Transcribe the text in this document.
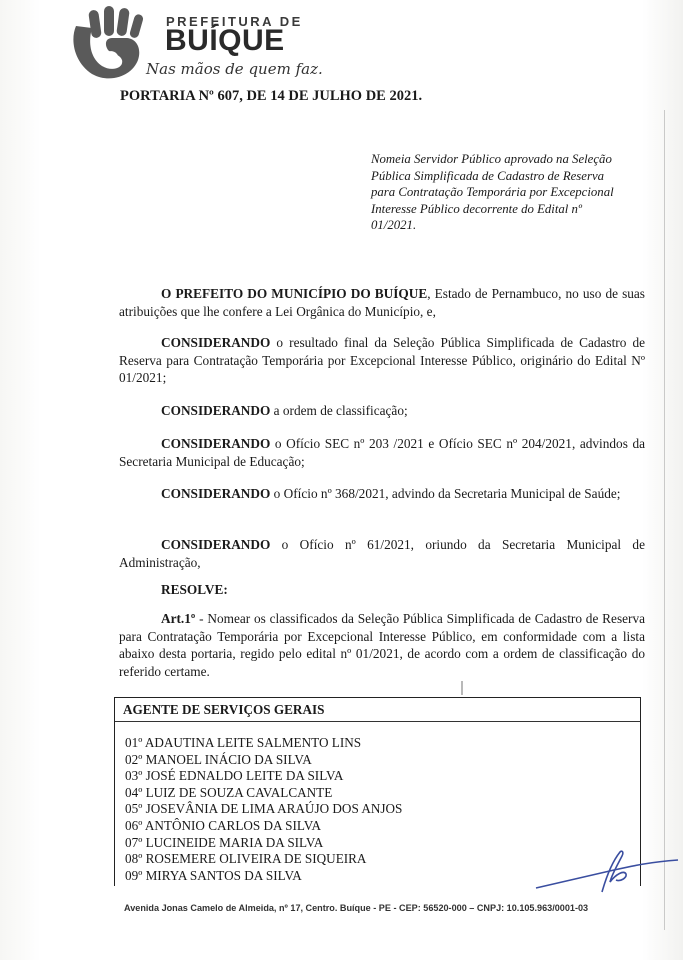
PREFEITURA DE
BUÍQUE
Nas mãos de quem faz.
PORTARIA Nº 607, DE 14 DE JULHO DE 2021.
Nomeia Servidor Público aprovado na Seleção
Pública Simplificada de Cadastro de Reserva
para Contratação Temporária por Excepcional
Interesse Público decorrente do Edital nº
01/2021.
O PREFEITO DO MUNICÍPIO DO BUÍQUE, Estado de Pernambuco, no uso de suas atribuições que lhe confere a Lei Orgânica do Município, e,
CONSIDERANDO o resultado final da Seleção Pública Simplificada de Cadastro de Reserva para Contratação Temporária por Excepcional Interesse Público, originário do Edital Nº 01/2021;
CONSIDERANDO a ordem de classificação;
CONSIDERANDO o Ofício SEC nº 203 /2021 e Ofício SEC nº 204/2021, advindos da Secretaria Municipal de Educação;
CONSIDERANDO o Ofício nº 368/2021, advindo da Secretaria Municipal de Saúde;
CONSIDERANDO o Ofício nº 61/2021, oriundo da Secretaria Municipal de Administração,
RESOLVE:
Art.1º - Nomear os classificados da Seleção Pública Simplificada de Cadastro de Reserva para Contratação Temporária por Excepcional Interesse Público, em conformidade com a lista abaixo desta portaria, regido pelo edital nº 01/2021, de acordo com a ordem de classificação do referido certame.
AGENTE DE SERVIÇOS GERAIS
01º ADAUTINA LEITE SALMENTO LINS
02º MANOEL INÁCIO DA SILVA
03º JOSÉ EDNALDO LEITE DA SILVA
04º LUIZ DE SOUZA CAVALCANTE
05º JOSEVÂNIA DE LIMA ARAÚJO DOS ANJOS
06º ANTÔNIO CARLOS DA SILVA
07º LUCINEIDE MARIA DA SILVA
08º ROSEMERE OLIVEIRA DE SIQUEIRA
09º MIRYA SANTOS DA SILVA
Avenida Jonas Camelo de Almeida, nº 17, Centro. Buíque - PE - CEP: 56520-000 – CNPJ: 10.105.963/0001-03
